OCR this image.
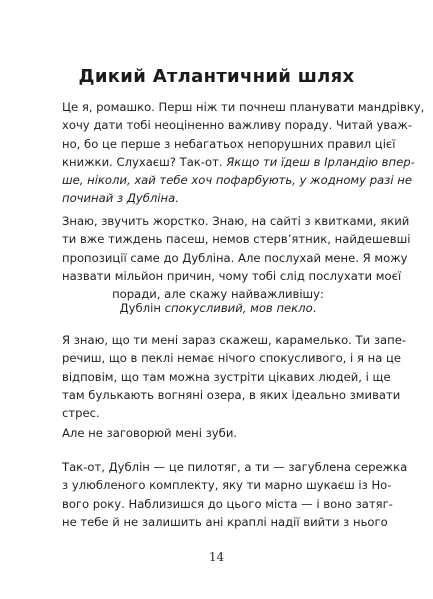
Дикий Атлантичний шлях

Це я, ромашко. Перш ніж ти почнеш планувати мандрівку,
хочу дати тобі неоціненно важливу пораду. Читай уваж-
но, бо це перше з небагатьох непорушних правил цієї
книжки. Слухаєш? Так-от. Якщо ти їдеш в Ірландію впер-
ше, ніколи, хай тебе хоч пофарбують, у жодному разі не
починай з Дубліна.

Знаю, звучить жорстко. Знаю, на сайті з квитками, який
ти вже тиждень пасеш, немов стерв’ятник, найдешевші
пропозиції саме до Дубліна. Але послухай мене. Я можу
назвати мільйон причин, чому тобі слід послухати моєї
поради, але скажу найважливішу:

Дублін спокусливий, мов пекло.

Я знаю, що ти мені зараз скажеш, карамелько. Ти запе-
речиш, що в пеклі немає нічого спокусливого, і я на це
відповім, що там можна зустріти цікавих людей, і ще
там булькають вогняні озера, в яких ідеально змивати
стрес.

Але не заговорюй мені зуби.

Так-от, Дублін — це пилотяг, а ти — загублена сережка
з улюбленого комплекту, яку ти марно шукаєш із Но-
вого року. Наблизишся до цього міста — і воно затяг-
не тебе й не залишить ані краплі надії вийти з нього

14
